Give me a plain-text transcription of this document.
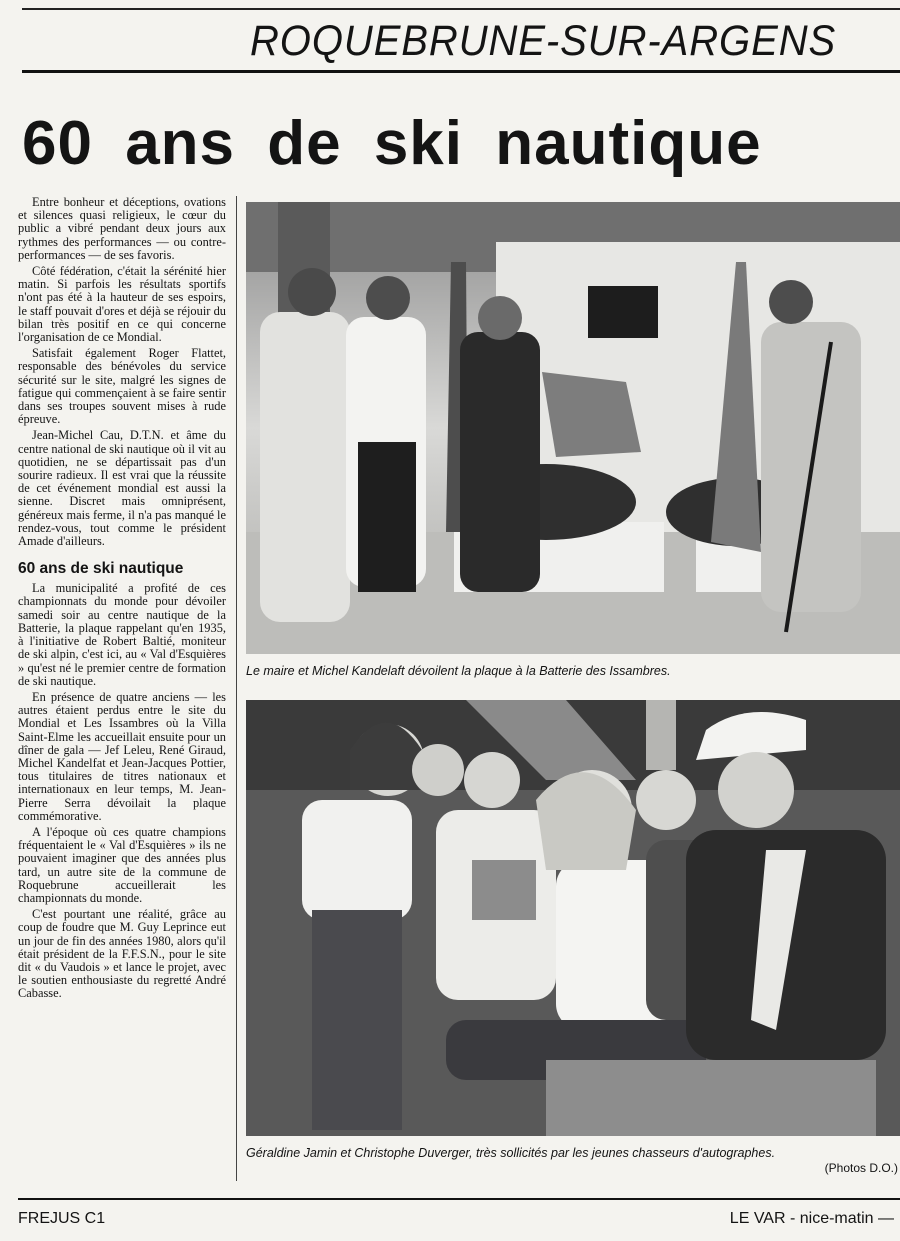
ROQUEBRUNE-SUR-ARGENS
60 ans de ski nautique

Entre bonheur et déceptions, ovations et silences quasi religieux, le cœur du public a vibré pendant deux jours aux rythmes des performances — ou contre-performances — de ses favoris.

Côté fédération, c'était la sérénité hier matin. Si parfois les résultats sportifs n'ont pas été à la hauteur de ses espoirs, le staff pouvait d'ores et déjà se réjouir du bilan très positif en ce qui concerne l'organisation de ce Mondial.

Satisfait également Roger Flattet, responsable des bénévoles du service sécurité sur le site, malgré les signes de fatigue qui commençaient à se faire sentir dans ses troupes souvent mises à rude épreuve.

Jean-Michel Cau, D.T.N. et âme du centre national de ski nautique où il vit au quotidien, ne se départissait pas d'un sourire radieux. Il est vrai que la réussite de cet événement mondial est aussi la sienne. Discret mais omniprésent, généreux mais ferme, il n'a pas manqué le rendez-vous, tout comme le président Amade d'ailleurs.

60 ans de ski nautique

La municipalité a profité de ces championnats du monde pour dévoiler samedi soir au centre nautique de la Batterie, la plaque rappelant qu'en 1935, à l'initiative de Robert Baltié, moniteur de ski alpin, c'est ici, au « Val d'Esquières » qu'est né le premier centre de formation de ski nautique.

En présence de quatre anciens — les autres étaient perdus entre le site du Mondial et Les Issambres où la Villa Saint-Elme les accueillait ensuite pour un dîner de gala — Jef Leleu, René Giraud, Michel Kandelfat et Jean-Jacques Pottier, tous titulaires de titres nationaux et internationaux en leur temps, M. Jean-Pierre Serra dévoilait la plaque commémorative.

A l'époque où ces quatre champions fréquentaient le « Val d'Esquières » ils ne pouvaient imaginer que des années plus tard, un autre site de la commune de Roquebrune accueillerait les championnats du monde.

C'est pourtant une réalité, grâce au coup de foudre que M. Guy Leprince eut un jour de fin des années 1980, alors qu'il était président de la F.F.S.N., pour le site dit « du Vaudois » et lance le projet, avec le soutien enthousiaste du regretté André Cabasse.

Le maire et Michel Kandelaft dévoilent la plaque à la Batterie des Issambres.
Géraldine Jamin et Christophe Duverger, très sollicités par les jeunes chasseurs d'autographes.
(Photos D.O.)
FREJUS C1	LE VAR - nice-matin —
